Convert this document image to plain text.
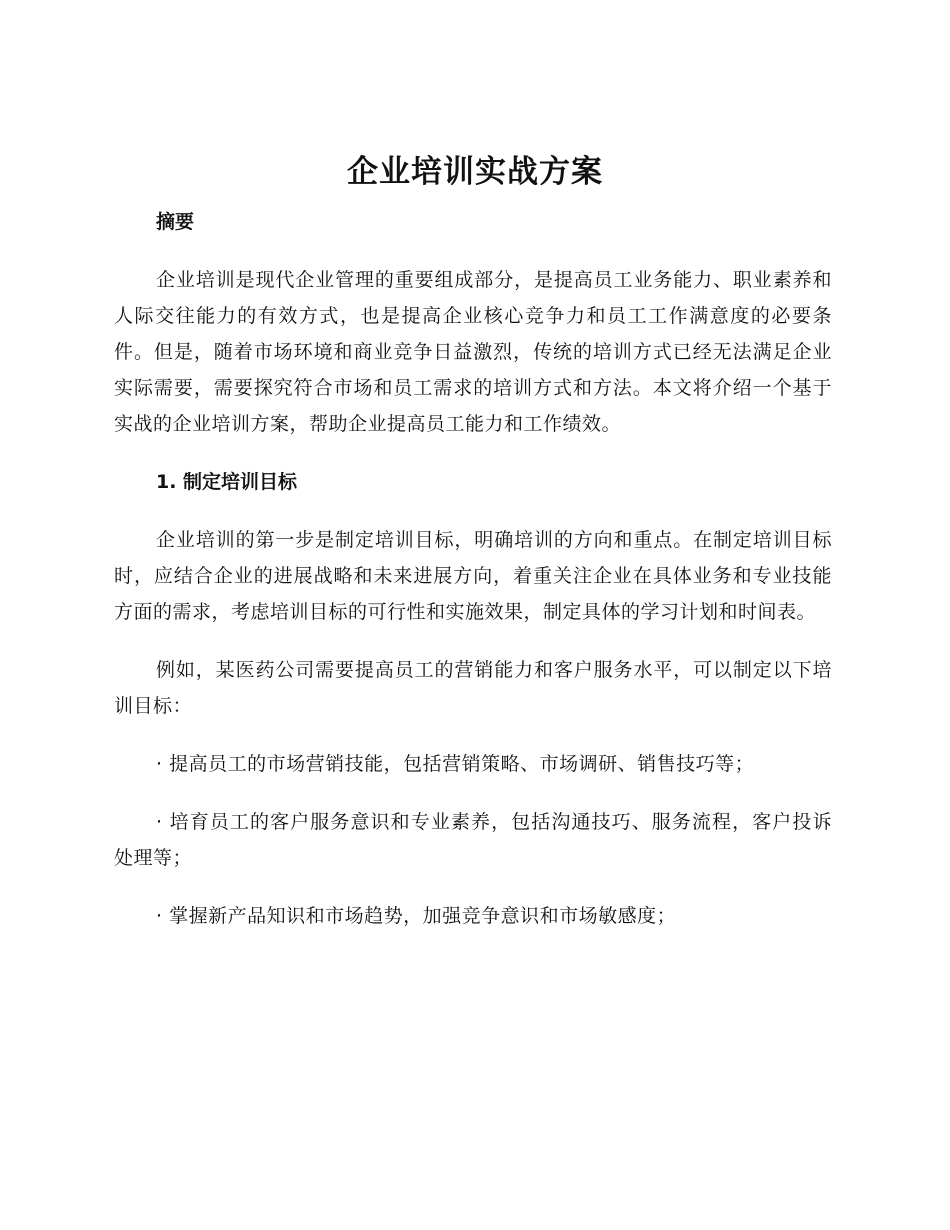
企业培训实战方案

摘要

企业培训是现代企业管理的重要组成部分，是提高员工业务能力、职业素养和人际交往能力的有效方式，也是提高企业核心竞争力和员工工作满意度的必要条件。但是，随着市场环境和商业竞争日益激烈，传统的培训方式已经无法满足企业实际需要，需要探究符合市场和员工需求的培训方式和方法。本文将介绍一个基于实战的企业培训方案，帮助企业提高员工能力和工作绩效。

1. 制定培训目标

企业培训的第一步是制定培训目标，明确培训的方向和重点。在制定培训目标时，应结合企业的进展战略和未来进展方向，着重关注企业在具体业务和专业技能方面的需求，考虑培训目标的可行性和实施效果，制定具体的学习计划和时间表。

例如，某医药公司需要提高员工的营销能力和客户服务水平，可以制定以下培训目标：

· 提高员工的市场营销技能，包括营销策略、市场调研、销售技巧等；

· 培育员工的客户服务意识和专业素养，包括沟通技巧、服务流程，客户投诉处理等；

· 掌握新产品知识和市场趋势，加强竞争意识和市场敏感度；
